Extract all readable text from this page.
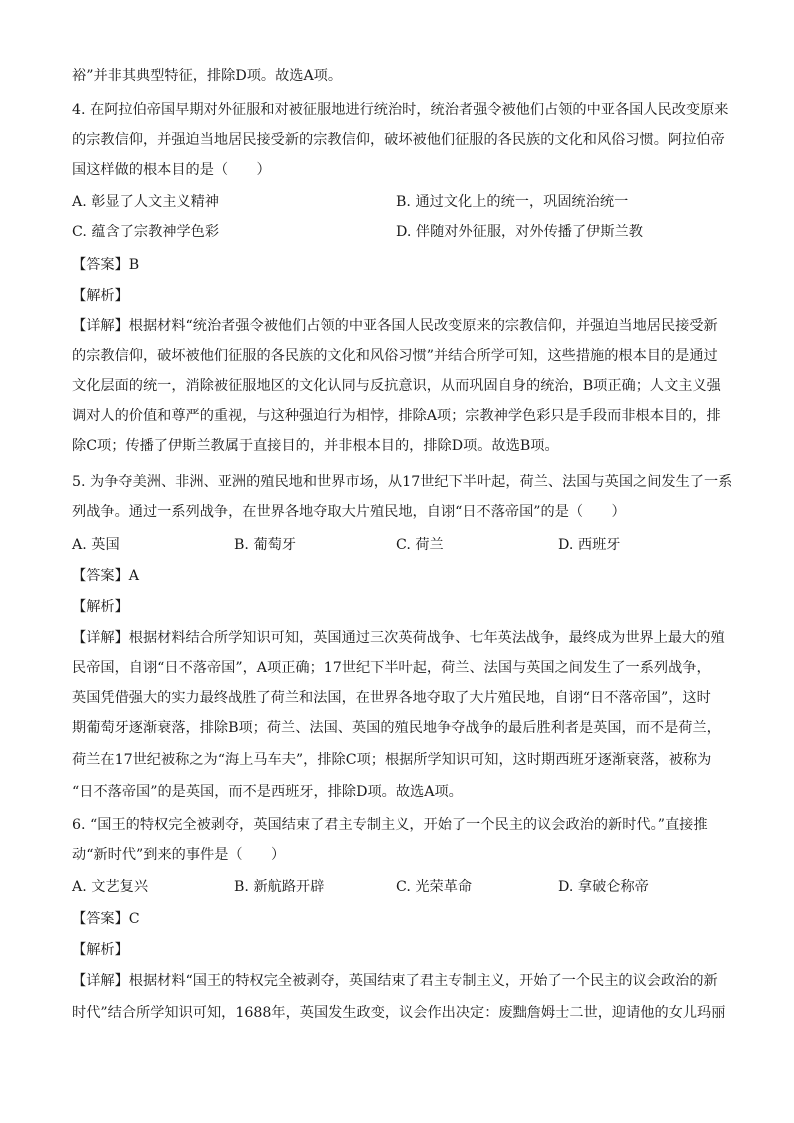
裕”并非其典型特征，排除D项。故选A项。
4. 在阿拉伯帝国早期对外征服和对被征服地进行统治时，统治者强令被他们占领的中亚各国人民改变原来
的宗教信仰，并强迫当地居民接受新的宗教信仰，破坏被他们征服的各民族的文化和风俗习惯。阿拉伯帝
国这样做的根本目的是（　　）
A. 彰显了人文主义精神	B. 通过文化上的统一，巩固统治统一
C. 蕴含了宗教神学色彩	D. 伴随对外征服，对外传播了伊斯兰教
【答案】B
【解析】
【详解】根据材料“统治者强令被他们占领的中亚各国人民改变原来的宗教信仰，并强迫当地居民接受新
的宗教信仰，破坏被他们征服的各民族的文化和风俗习惯”并结合所学可知，这些措施的根本目的是通过
文化层面的统一，消除被征服地区的文化认同与反抗意识，从而巩固自身的统治，B项正确；人文主义强
调对人的价值和尊严的重视，与这种强迫行为相悖，排除A项；宗教神学色彩只是手段而非根本目的，排
除C项；传播了伊斯兰教属于直接目的，并非根本目的，排除D项。故选B项。
5. 为争夺美洲、非洲、亚洲的殖民地和世界市场，从17世纪下半叶起，荷兰、法国与英国之间发生了一系
列战争。通过一系列战争，在世界各地夺取大片殖民地，自诩“日不落帝国”的是（　　）
A. 英国	B. 葡萄牙	C. 荷兰	D. 西班牙
【答案】A
【解析】
【详解】根据材料结合所学知识可知，英国通过三次英荷战争、七年英法战争，最终成为世界上最大的殖
民帝国，自诩“日不落帝国”，A项正确；17世纪下半叶起，荷兰、法国与英国之间发生了一系列战争，
英国凭借强大的实力最终战胜了荷兰和法国，在世界各地夺取了大片殖民地，自诩“日不落帝国”，这时
期葡萄牙逐渐衰落，排除B项；荷兰、法国、英国的殖民地争夺战争的最后胜利者是英国，而不是荷兰，
荷兰在17世纪被称之为“海上马车夫”，排除C项；根据所学知识可知，这时期西班牙逐渐衰落，被称为
“日不落帝国”的是英国，而不是西班牙，排除D项。故选A项。
6. “国王的特权完全被剥夺，英国结束了君主专制主义，开始了一个民主的议会政治的新时代。”直接推
动“新时代”到来的事件是（　　）
A. 文艺复兴	B. 新航路开辟	C. 光荣革命	D. 拿破仑称帝
【答案】C
【解析】
【详解】根据材料“国王的特权完全被剥夺，英国结束了君主专制主义，开始了一个民主的议会政治的新
时代”结合所学知识可知，1688年，英国发生政变，议会作出决定：废黜詹姆士二世，迎请他的女儿玛丽
